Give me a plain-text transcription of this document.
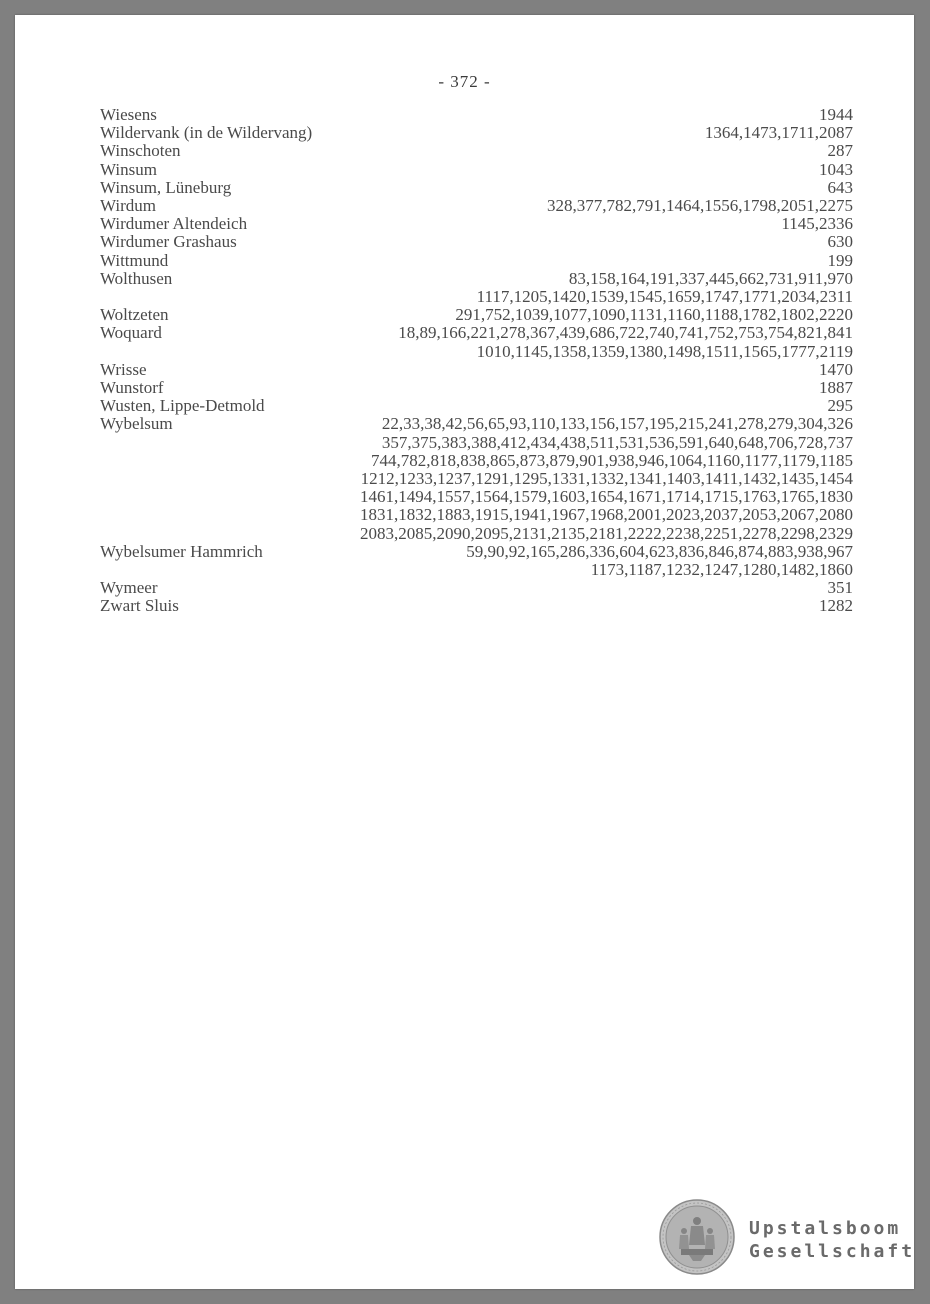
- 372 -
Wiesens	1944
Wildervank (in de Wildervang)	1364,1473,1711,2087
Winschoten	287
Winsum	1043
Winsum, Lüneburg	643
Wirdum	328,377,782,791,1464,1556,1798,2051,2275
Wirdumer Altendeich	1145,2336
Wirdumer Grashaus	630
Wittmund	199
Wolthusen	83,158,164,191,337,445,662,731,911,970
1117,1205,1420,1539,1545,1659,1747,1771,2034,2311
Woltzeten	291,752,1039,1077,1090,1131,1160,1188,1782,1802,2220
Woquard	18,89,166,221,278,367,439,686,722,740,741,752,753,754,821,841
1010,1145,1358,1359,1380,1498,1511,1565,1777,2119
Wrisse	1470
Wunstorf	1887
Wusten, Lippe-Detmold	295
Wybelsum	22,33,38,42,56,65,93,110,133,156,157,195,215,241,278,279,304,326
357,375,383,388,412,434,438,511,531,536,591,640,648,706,728,737
744,782,818,838,865,873,879,901,938,946,1064,1160,1177,1179,1185
1212,1233,1237,1291,1295,1331,1332,1341,1403,1411,1432,1435,1454
1461,1494,1557,1564,1579,1603,1654,1671,1714,1715,1763,1765,1830
1831,1832,1883,1915,1941,1967,1968,2001,2023,2037,2053,2067,2080
2083,2085,2090,2095,2131,2135,2181,2222,2238,2251,2278,2298,2329
Wybelsumer Hammrich	59,90,92,165,286,336,604,623,836,846,874,883,938,967
1173,1187,1232,1247,1280,1482,1860
Wymeer	351
Zwart Sluis	1282
Upstalsboom
Gesellschaft
